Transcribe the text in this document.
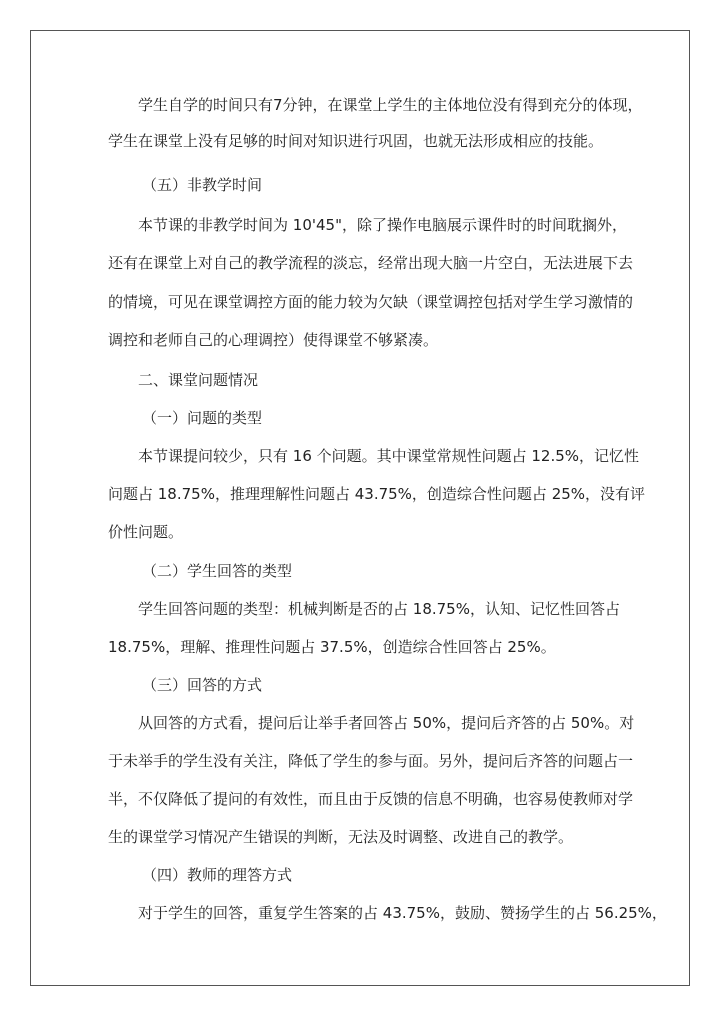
学生自学的时间只有7分钟，在课堂上学生的主体地位没有得到充分的体现，
学生在课堂上没有足够的时间对知识进行巩固，也就无法形成相应的技能。
（五）非教学时间
本节课的非教学时间为 10'45"，除了操作电脑展示课件时的时间耽搁外，
还有在课堂上对自己的教学流程的淡忘，经常出现大脑一片空白，无法进展下去
的情境，可见在课堂调控方面的能力较为欠缺（课堂调控包括对学生学习激情的
调控和老师自己的心理调控）使得课堂不够紧凑。
二、课堂问题情况
（一）问题的类型
本节课提问较少，只有 16 个问题。其中课堂常规性问题占 12.5%，记忆性
问题占 18.75%，推理理解性问题占 43.75%，创造综合性问题占 25%，没有评
价性问题。
（二）学生回答的类型
学生回答问题的类型：机械判断是否的占 18.75%，认知、记忆性回答占
18.75%，理解、推理性问题占 37.5%，创造综合性回答占 25%。
（三）回答的方式
从回答的方式看，提问后让举手者回答占 50%，提问后齐答的占 50%。对
于未举手的学生没有关注，降低了学生的参与面。另外，提问后齐答的问题占一
半，不仅降低了提问的有效性，而且由于反馈的信息不明确，也容易使教师对学
生的课堂学习情况产生错误的判断，无法及时调整、改进自己的教学。
（四）教师的理答方式
对于学生的回答，重复学生答案的占 43.75%，鼓励、赞扬学生的占 56.25%，
